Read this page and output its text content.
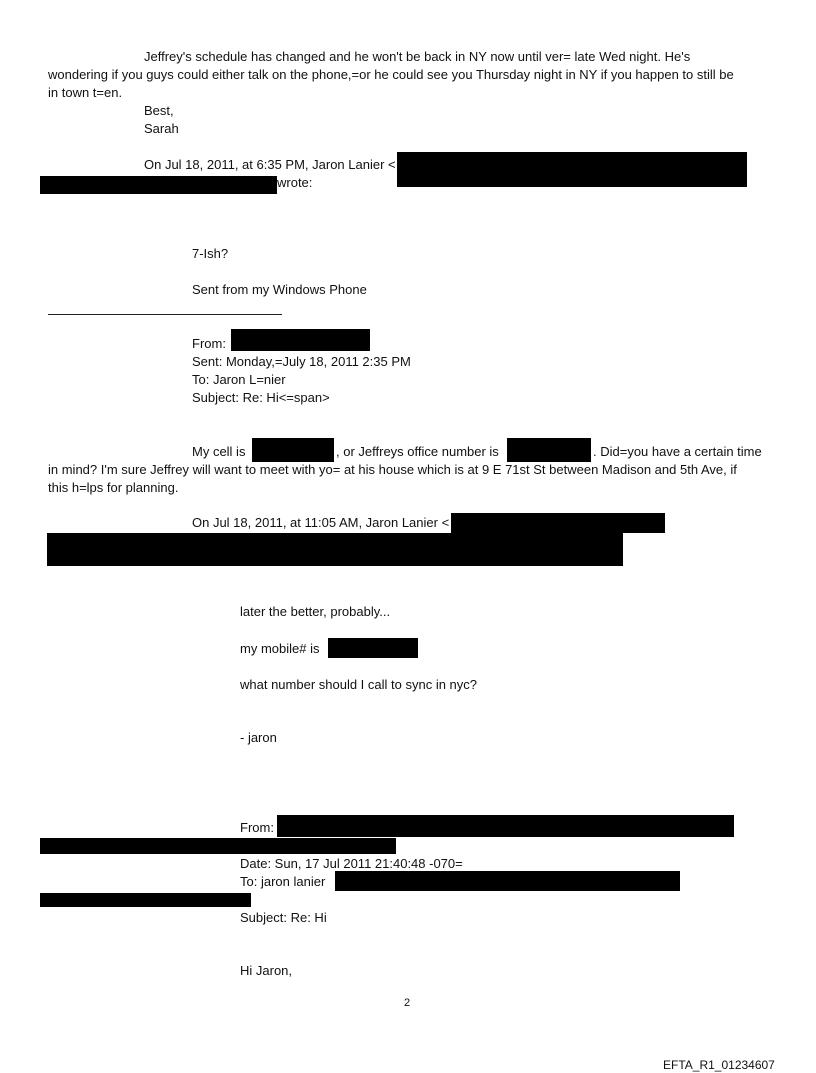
Jeffrey's schedule has changed and he won't be back in NY now until ver= late Wed night. He's
wondering if you guys could either talk on the phone,=or he could see you Thursday night in NY if you happen to still be
in town t=en.
Best,
Sarah
On Jul 18, 2011, at 6:35 PM, Jaron Lanier <
wrote:
7-Ish?
Sent from my Windows Phone
From:
Sent: Monday,=July 18, 2011 2:35 PM
To: Jaron L=nier
Subject: Re: Hi<=span>
My cell is	, or Jeffreys office number is	. Did=you have a certain time
in mind? I'm sure Jeffrey will want to meet with yo= at his house which is at 9 E 71st St between Madison and 5th Ave, if
this h=lps for planning.
On Jul 18, 2011, at 11:05 AM, Jaron Lanier <
later the better, probably...
my mobile# is
what number should I call to sync in nyc?
- jaron
From:
Date: Sun, 17 Jul 2011 21:40:48 -070=
To: jaron lanier
Subject: Re: Hi
Hi Jaron,
2
EFTA_R1_01234607
